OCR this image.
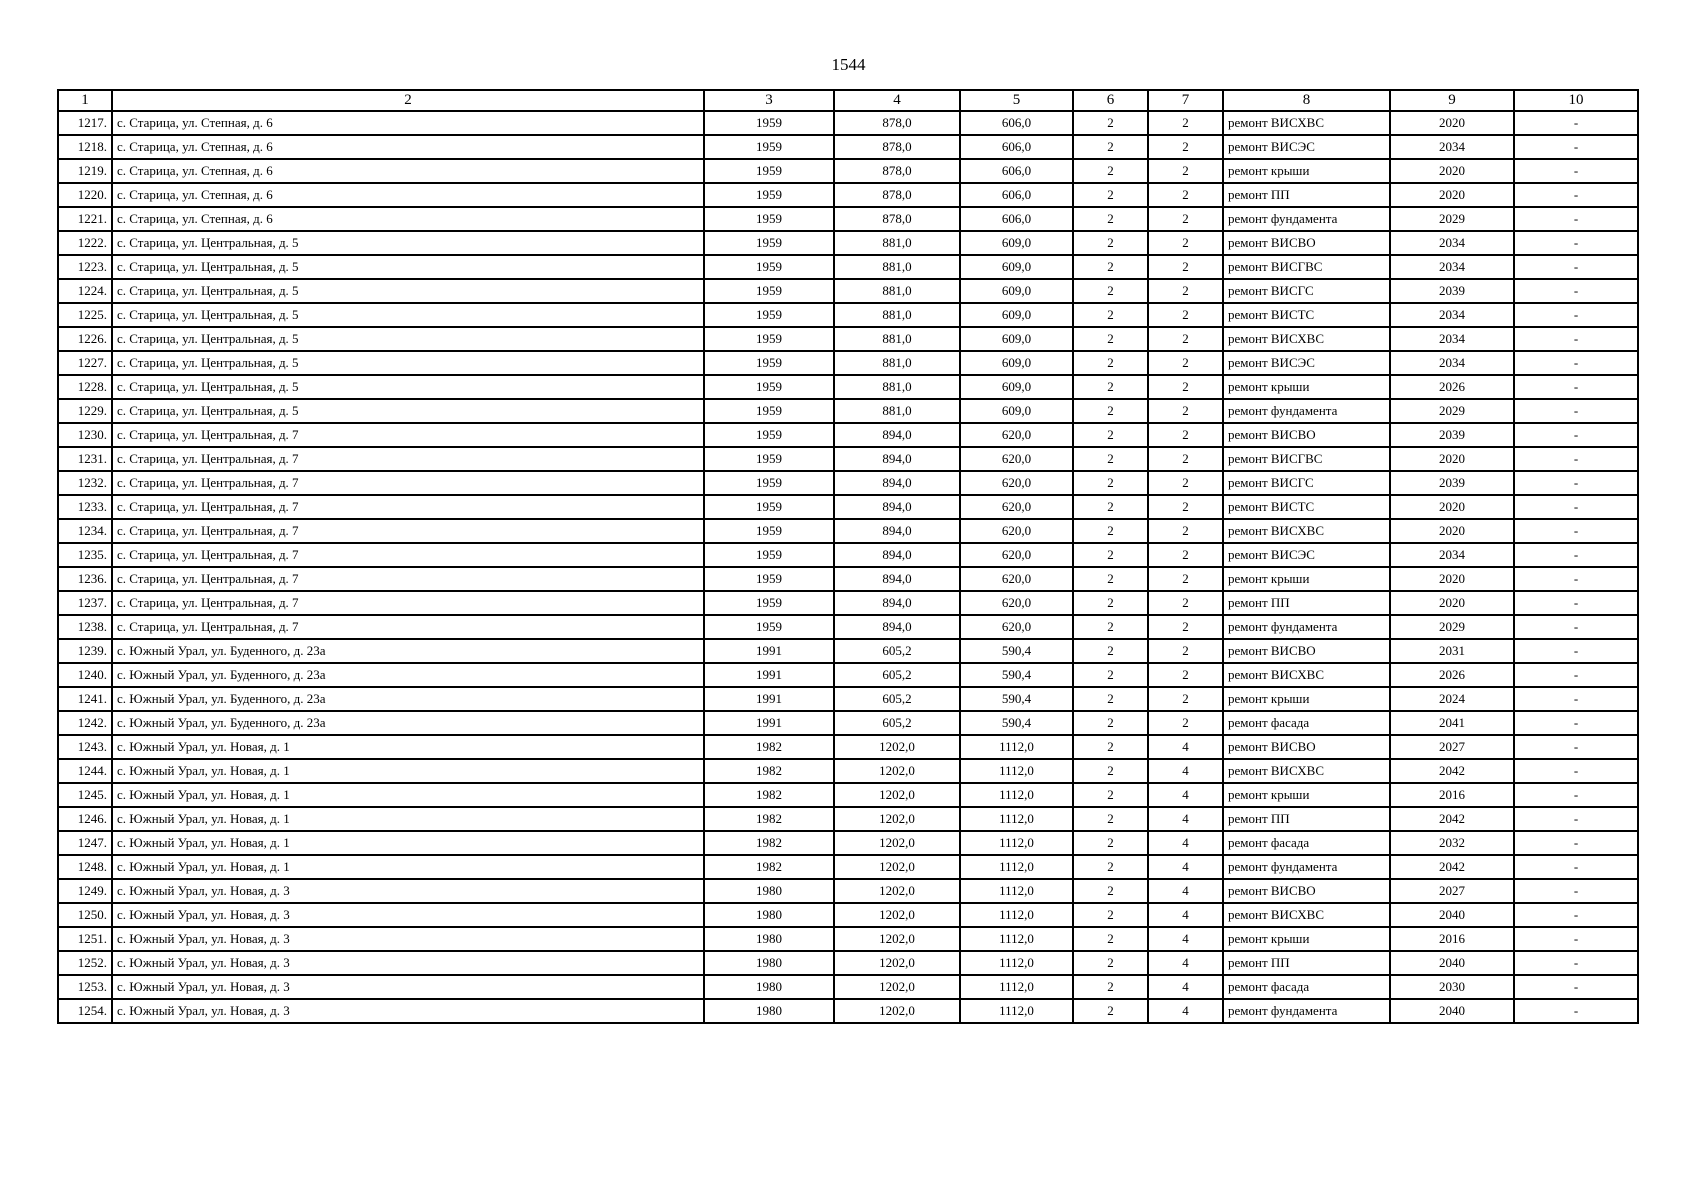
1544
1	2	3	4	5	6	7	8	9	10
1217.	с. Старица, ул. Степная, д. 6	1959	878,0	606,0	2	2	ремонт ВИСХВС	2020	-
1218.	с. Старица, ул. Степная, д. 6	1959	878,0	606,0	2	2	ремонт ВИСЭС	2034	-
1219.	с. Старица, ул. Степная, д. 6	1959	878,0	606,0	2	2	ремонт крыши	2020	-
1220.	с. Старица, ул. Степная, д. 6	1959	878,0	606,0	2	2	ремонт ПП	2020	-
1221.	с. Старица, ул. Степная, д. 6	1959	878,0	606,0	2	2	ремонт фундамента	2029	-
1222.	с. Старица, ул. Центральная, д. 5	1959	881,0	609,0	2	2	ремонт ВИСВО	2034	-
1223.	с. Старица, ул. Центральная, д. 5	1959	881,0	609,0	2	2	ремонт ВИСГВС	2034	-
1224.	с. Старица, ул. Центральная, д. 5	1959	881,0	609,0	2	2	ремонт ВИСГС	2039	-
1225.	с. Старица, ул. Центральная, д. 5	1959	881,0	609,0	2	2	ремонт ВИСТС	2034	-
1226.	с. Старица, ул. Центральная, д. 5	1959	881,0	609,0	2	2	ремонт ВИСХВС	2034	-
1227.	с. Старица, ул. Центральная, д. 5	1959	881,0	609,0	2	2	ремонт ВИСЭС	2034	-
1228.	с. Старица, ул. Центральная, д. 5	1959	881,0	609,0	2	2	ремонт крыши	2026	-
1229.	с. Старица, ул. Центральная, д. 5	1959	881,0	609,0	2	2	ремонт фундамента	2029	-
1230.	с. Старица, ул. Центральная, д. 7	1959	894,0	620,0	2	2	ремонт ВИСВО	2039	-
1231.	с. Старица, ул. Центральная, д. 7	1959	894,0	620,0	2	2	ремонт ВИСГВС	2020	-
1232.	с. Старица, ул. Центральная, д. 7	1959	894,0	620,0	2	2	ремонт ВИСГС	2039	-
1233.	с. Старица, ул. Центральная, д. 7	1959	894,0	620,0	2	2	ремонт ВИСТС	2020	-
1234.	с. Старица, ул. Центральная, д. 7	1959	894,0	620,0	2	2	ремонт ВИСХВС	2020	-
1235.	с. Старица, ул. Центральная, д. 7	1959	894,0	620,0	2	2	ремонт ВИСЭС	2034	-
1236.	с. Старица, ул. Центральная, д. 7	1959	894,0	620,0	2	2	ремонт крыши	2020	-
1237.	с. Старица, ул. Центральная, д. 7	1959	894,0	620,0	2	2	ремонт ПП	2020	-
1238.	с. Старица, ул. Центральная, д. 7	1959	894,0	620,0	2	2	ремонт фундамента	2029	-
1239.	с. Южный Урал, ул. Буденного, д. 23а	1991	605,2	590,4	2	2	ремонт ВИСВО	2031	-
1240.	с. Южный Урал, ул. Буденного, д. 23а	1991	605,2	590,4	2	2	ремонт ВИСХВС	2026	-
1241.	с. Южный Урал, ул. Буденного, д. 23а	1991	605,2	590,4	2	2	ремонт крыши	2024	-
1242.	с. Южный Урал, ул. Буденного, д. 23а	1991	605,2	590,4	2	2	ремонт фасада	2041	-
1243.	с. Южный Урал, ул. Новая, д. 1	1982	1202,0	1112,0	2	4	ремонт ВИСВО	2027	-
1244.	с. Южный Урал, ул. Новая, д. 1	1982	1202,0	1112,0	2	4	ремонт ВИСХВС	2042	-
1245.	с. Южный Урал, ул. Новая, д. 1	1982	1202,0	1112,0	2	4	ремонт крыши	2016	-
1246.	с. Южный Урал, ул. Новая, д. 1	1982	1202,0	1112,0	2	4	ремонт ПП	2042	-
1247.	с. Южный Урал, ул. Новая, д. 1	1982	1202,0	1112,0	2	4	ремонт фасада	2032	-
1248.	с. Южный Урал, ул. Новая, д. 1	1982	1202,0	1112,0	2	4	ремонт фундамента	2042	-
1249.	с. Южный Урал, ул. Новая, д. 3	1980	1202,0	1112,0	2	4	ремонт ВИСВО	2027	-
1250.	с. Южный Урал, ул. Новая, д. 3	1980	1202,0	1112,0	2	4	ремонт ВИСХВС	2040	-
1251.	с. Южный Урал, ул. Новая, д. 3	1980	1202,0	1112,0	2	4	ремонт крыши	2016	-
1252.	с. Южный Урал, ул. Новая, д. 3	1980	1202,0	1112,0	2	4	ремонт ПП	2040	-
1253.	с. Южный Урал, ул. Новая, д. 3	1980	1202,0	1112,0	2	4	ремонт фасада	2030	-
1254.	с. Южный Урал, ул. Новая, д. 3	1980	1202,0	1112,0	2	4	ремонт фундамента	2040	-
